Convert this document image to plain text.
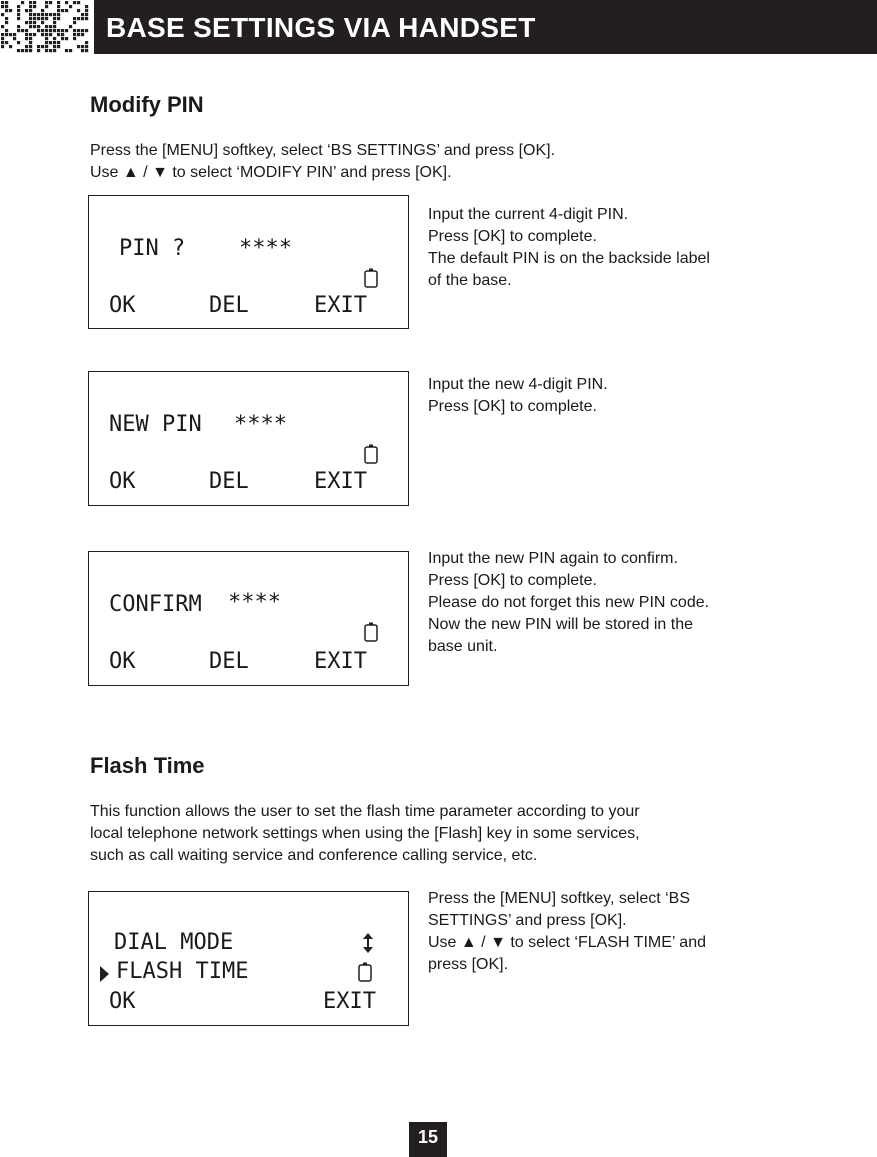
BASE SETTINGS VIA HANDSET
Modify PIN
Press the [MENU] softkey, select ‘BS SETTINGS’ and press [OK].
Use ▲ / ▼ to select ‘MODIFY PIN’ and press [OK].
PIN ? ****
OK	DEL	EXIT
Input the current 4-digit PIN.
Press [OK] to complete.
The default PIN is on the backside label
of the base.
NEW PIN ****
OK	DEL	EXIT
Input the new 4-digit PIN.
Press [OK] to complete.
CONFIRM ****
OK	DEL	EXIT
Input the new PIN again to confirm.
Press [OK] to complete.
Please do not forget this new PIN code.
Now the new PIN will be stored in the
base unit.
Flash Time
This function allows the user to set the flash time parameter according to your
local telephone network settings when using the [Flash] key in some services,
such as call waiting service and conference calling service, etc.
DIAL MODE
FLASH TIME
OK	EXIT
Press the [MENU] softkey, select ‘BS
SETTINGS’ and press [OK].
Use ▲ / ▼ to select ‘FLASH TIME’ and
press [OK].
15
